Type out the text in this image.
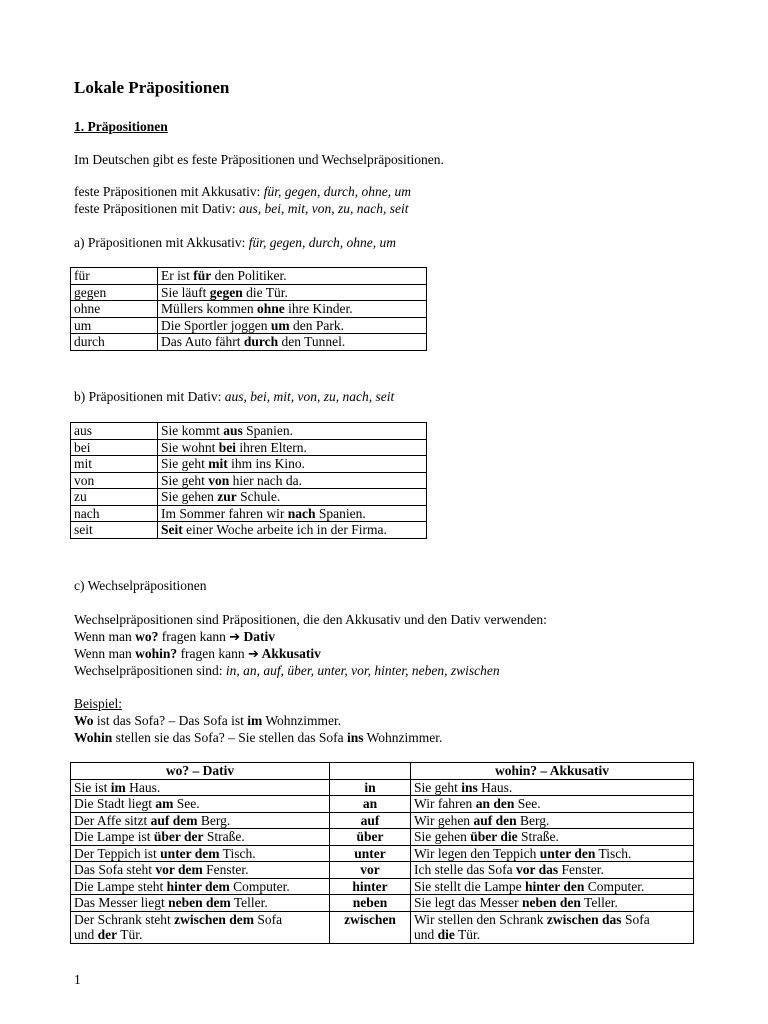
Lokale Präpositionen
1. Präpositionen
Im Deutschen gibt es feste Präpositionen und Wechselpräpositionen.
feste Präpositionen mit Akkusativ: für, gegen, durch, ohne, um
feste Präpositionen mit Dativ: aus, bei, mit, von, zu, nach, seit
a) Präpositionen mit Akkusativ: für, gegen, durch, ohne, um
für	Er ist für den Politiker.
gegen	Sie läuft gegen die Tür.
ohne	Müllers kommen ohne ihre Kinder.
um	Die Sportler joggen um den Park.
durch	Das Auto fährt durch den Tunnel.
b) Präpositionen mit Dativ: aus, bei, mit, von, zu, nach, seit
aus	Sie kommt aus Spanien.
bei	Sie wohnt bei ihren Eltern.
mit	Sie geht mit ihm ins Kino.
von	Sie geht von hier nach da.
zu	Sie gehen zur Schule.
nach	Im Sommer fahren wir nach Spanien.
seit	Seit einer Woche arbeite ich in der Firma.
c) Wechselpräpositionen
Wechselpräpositionen sind Präpositionen, die den Akkusativ und den Dativ verwenden:
Wenn man wo? fragen kann ➔ Dativ
Wenn man wohin? fragen kann ➔ Akkusativ
Wechselpräpositionen sind: in, an, auf, über, unter, vor, hinter, neben, zwischen
Beispiel:
Wo ist das Sofa? – Das Sofa ist im Wohnzimmer.
Wohin stellen sie das Sofa? – Sie stellen das Sofa ins Wohnzimmer.
wo? – Dativ		wohin? – Akkusativ
Sie ist im Haus.	in	Sie geht ins Haus.
Die Stadt liegt am See.	an	Wir fahren an den See.
Der Affe sitzt auf dem Berg.	auf	Wir gehen auf den Berg.
Die Lampe ist über der Straße.	über	Sie gehen über die Straße.
Der Teppich ist unter dem Tisch.	unter	Wir legen den Teppich unter den Tisch.
Das Sofa steht vor dem Fenster.	vor	Ich stelle das Sofa vor das Fenster.
Die Lampe steht hinter dem Computer.	hinter	Sie stellt die Lampe hinter den Computer.
Das Messer liegt neben dem Teller.	neben	Sie legt das Messer neben den Teller.
Der Schrank steht zwischen dem Sofa
und der Tür.	zwischen	Wir stellen den Schrank zwischen das Sofa
und die Tür.
1
